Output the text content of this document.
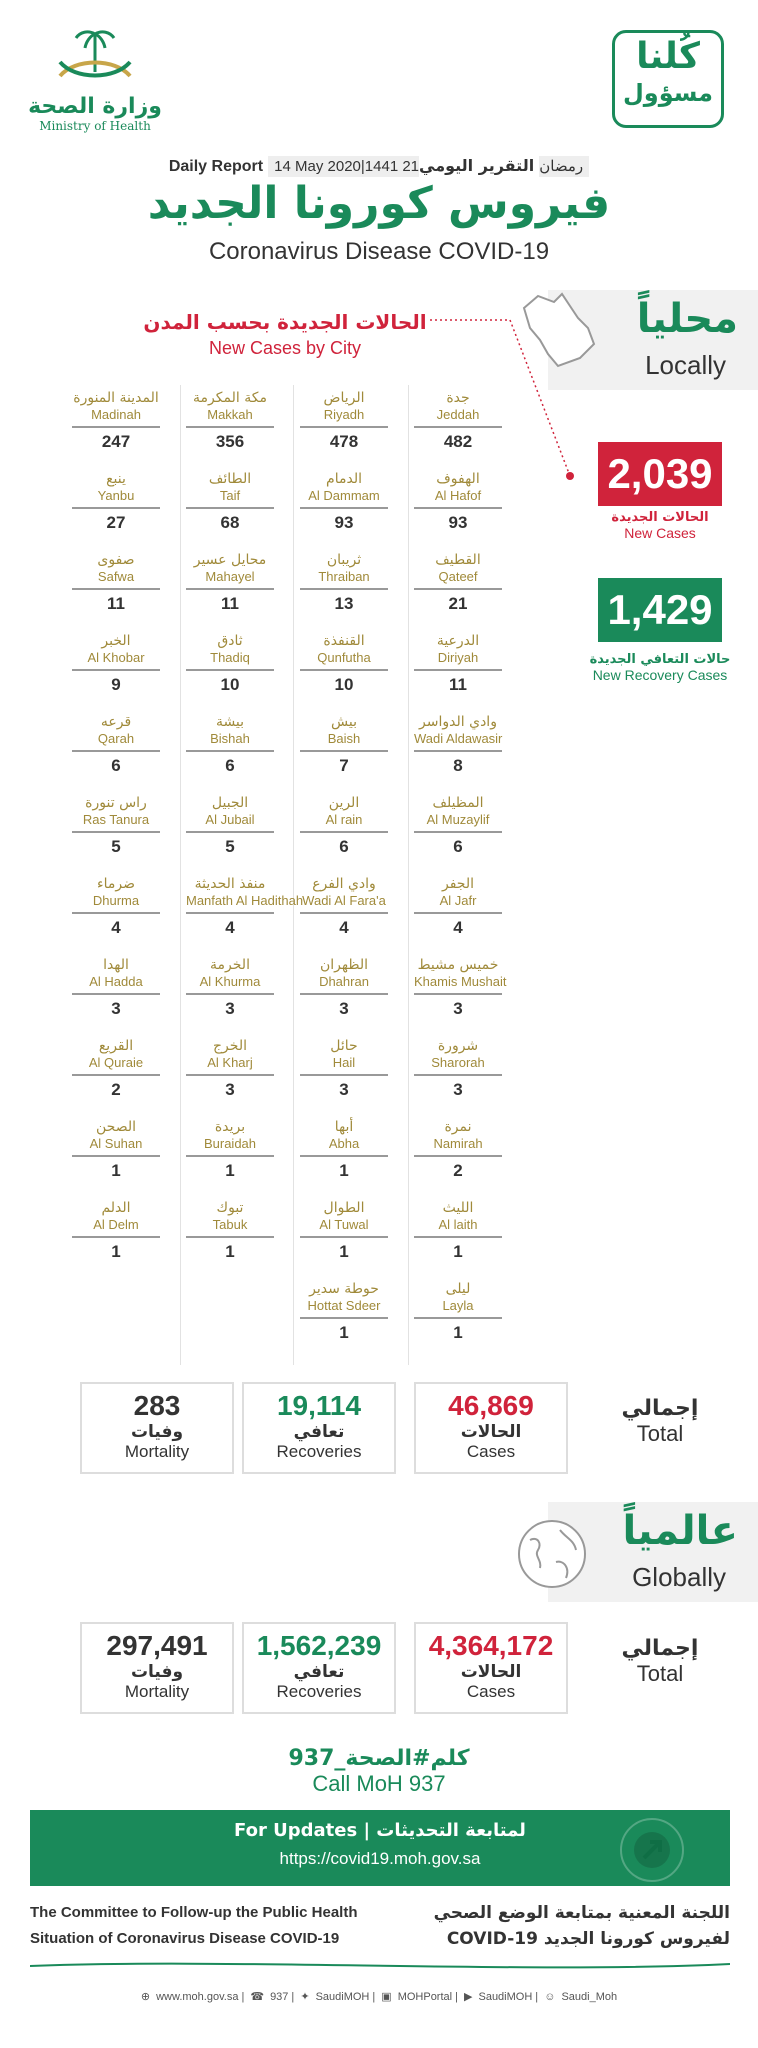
وزارة الصحة
Ministry of Health
كُلنا
مسؤول
Daily Report 14 May 2020|1441 21رمضان التقرير اليومي
فيروس كورونا الجديد
Coronavirus Disease COVID-19
محلياً
Locally
الحالات الجديدة بحسب المدن
New Cases by City
جدة
Jeddah
482
الرياض
Riyadh
478
مكة المكرمة
Makkah
356
المدينة المنورة
Madinah
247
الهفوف
Al Hafof
93
الدمام
Al Dammam
93
الطائف
Taif
68
ينبع
Yanbu
27
القطيف
Qateef
21
ثريبان
Thraiban
13
محايل عسير
Mahayel
11
صفوى
Safwa
11
الدرعية
Diriyah
11
القنفذة
Qunfutha
10
ثادق
Thadiq
10
الخبر
Al Khobar
9
وادي الدواسر
Wadi Aldawasir
8
بيش
Baish
7
بيشة
Bishah
6
قرعه
Qarah
6
المظيلف
Al Muzaylif
6
الرين
Al rain
6
الجبيل
Al Jubail
5
راس تنورة
Ras Tanura
5
الجفر
Al Jafr
4
وادي الفرع
Wadi Al Fara'a
4
منفذ الحديثة
Manfath Al Hadithah
4
ضرماء
Dhurma
4
خميس مشيط
Khamis Mushait
3
الظهران
Dhahran
3
الخرمة
Al Khurma
3
الهدا
Al Hadda
3
شرورة
Sharorah
3
حائل
Hail
3
الخرج
Al Kharj
3
القريع
Al Quraie
2
نمرة
Namirah
2
أبها
Abha
1
بريدة
Buraidah
1
الصحن
Al Suhan
1
الليث
Al laith
1
الطوال
Al Tuwal
1
تبوك
Tabuk
1
الدلم
Al Delm
1
ليلى
Layla
1
حوطة سدير
Hottat Sdeer
1
2,039
الحالات الجديدة
New Cases
1,429
حالات التعافي الجديدة
New Recovery Cases
283
وفيات
Mortality
19,114
تعافي
Recoveries
46,869
الحالات
Cases
إجمالي
Total
عالمياً
Globally
297,491
وفيات
Mortality
1,562,239
تعافي
Recoveries
4,364,172
الحالات
Cases
إجمالي
Total
كلم#الصحة_937
Call MoH 937
For Updates | لمتابعة التحديثات
https://covid19.moh.gov.sa
The Committee to Follow-up the Public Health
Situation of Coronavirus Disease COVID-19
اللجنة المعنية بمتابعة الوضع الصحي
لفيروس كورونا الجديد COVID-19
⊕ www.moh.gov.sa | ☎ 937 | ✦ SaudiMOH | ▣ MOHPortal | ▶ SaudiMOH | ☺ Saudi_Moh
